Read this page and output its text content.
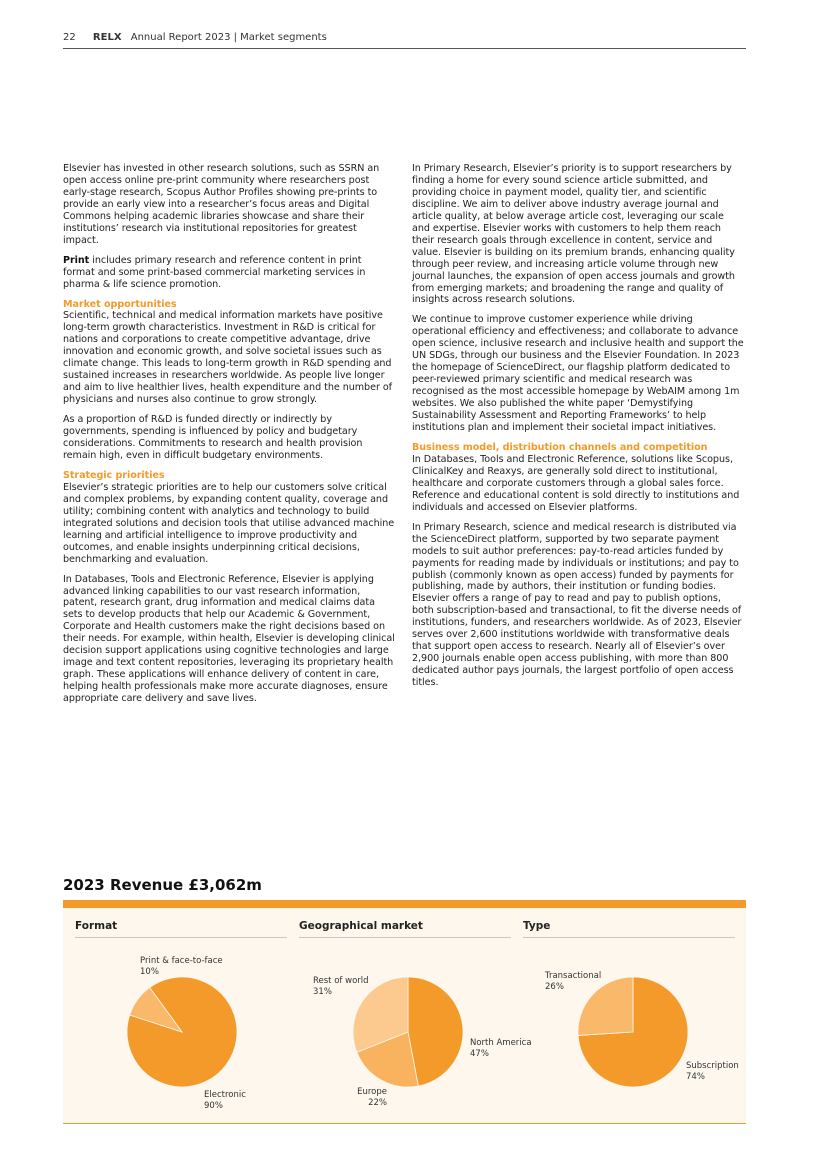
22 RELX Annual Report 2023 | Market segments

Elsevier has invested in other research solutions, such as SSRN an open access online pre-print community where researchers post early-stage research, Scopus Author Profiles showing pre-prints to provide an early view into a researcher’s focus areas and Digital Commons helping academic libraries showcase and share their institutions’ research via institutional repositories for greatest impact.

Print includes primary research and reference content in print format and some print-based commercial marketing services in pharma & life science promotion.

Market opportunities

Scientific, technical and medical information markets have positive long-term growth characteristics. Investment in R&D is critical for nations and corporations to create competitive advantage, drive innovation and economic growth, and solve societal issues such as climate change. This leads to long-term growth in R&D spending and sustained increases in researchers worldwide. As people live longer and aim to live healthier lives, health expenditure and the number of physicians and nurses also continue to grow strongly.

As a proportion of R&D is funded directly or indirectly by governments, spending is influenced by policy and budgetary considerations. Commitments to research and health provision remain high, even in difficult budgetary environments.

Strategic priorities

Elsevier’s strategic priorities are to help our customers solve critical and complex problems, by expanding content quality, coverage and utility; combining content with analytics and technology to build integrated solutions and decision tools that utilise advanced machine learning and artificial intelligence to improve productivity and outcomes, and enable insights underpinning critical decisions, benchmarking and evaluation.

In Databases, Tools and Electronic Reference, Elsevier is applying advanced linking capabilities to our vast research information, patent, research grant, drug information and medical claims data sets to develop products that help our Academic & Government, Corporate and Health customers make the right decisions based on their needs. For example, within health, Elsevier is developing clinical decision support applications using cognitive technologies and large image and text content repositories, leveraging its proprietary health graph. These applications will enhance delivery of content in care, helping health professionals make more accurate diagnoses, ensure appropriate care delivery and save lives.

In Primary Research, Elsevier’s priority is to support researchers by finding a home for every sound science article submitted, and providing choice in payment model, quality tier, and scientific discipline. We aim to deliver above industry average journal and article quality, at below average article cost, leveraging our scale and expertise. Elsevier works with customers to help them reach their research goals through excellence in content, service and value. Elsevier is building on its premium brands, enhancing quality through peer review, and increasing article volume through new journal launches, the expansion of open access journals and growth from emerging markets; and broadening the range and quality of insights across research solutions.

We continue to improve customer experience while driving operational efficiency and effectiveness; and collaborate to advance open science, inclusive research and inclusive health and support the UN SDGs, through our business and the Elsevier Foundation. In 2023 the homepage of ScienceDirect, our flagship platform dedicated to peer-reviewed primary scientific and medical research was recognised as the most accessible homepage by WebAIM among 1m websites. We also published the white paper ‘Demystifying Sustainability Assessment and Reporting Frameworks’ to help institutions plan and implement their societal impact initiatives.

Business model, distribution channels and competition

In Databases, Tools and Electronic Reference, solutions like Scopus, ClinicalKey and Reaxys, are generally sold direct to institutional, healthcare and corporate customers through a global sales force. Reference and educational content is sold directly to institutions and individuals and accessed on Elsevier platforms.

In Primary Research, science and medical research is distributed via the ScienceDirect platform, supported by two separate payment models to suit author preferences: pay-to-read articles funded by payments for reading made by individuals or institutions; and pay to publish (commonly known as open access) funded by payments for publishing, made by authors, their institution or funding bodies. Elsevier offers a range of pay to read and pay to publish options, both subscription-based and transactional, to fit the diverse needs of institutions, funders, and researchers worldwide. As of 2023, Elsevier serves over 2,600 institutions worldwide with transformative deals that support open access to research. Nearly all of Elsevier’s over 2,900 journals enable open access publishing, with more than 800 dedicated author pays journals, the largest portfolio of open access titles.

2023 Revenue £3,062m
Format	Geographical market	Type
Print & face-to-face
10%
Electronic
90%
Rest of world
31%
North America
47%
Europe
22%
Transactional
26%
Subscription
74%
